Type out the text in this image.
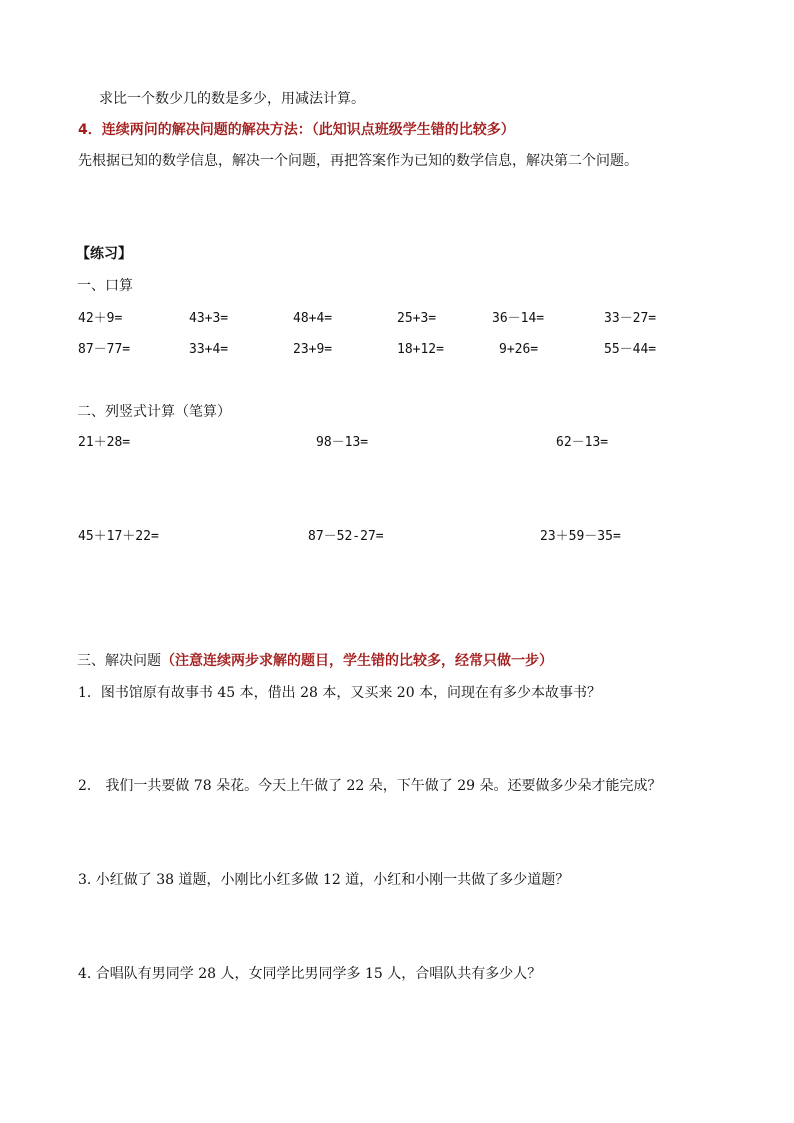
求比一个数少几的数是多少，用减法计算。
4．连续两问的解决问题的解决方法：（此知识点班级学生错的比较多）
先根据已知的数学信息，解决一个问题，再把答案作为已知的数学信息，解决第二个问题。
【练习】
一、口算
42＋9=	43+3=	48+4=	25+3=	36－14=	33－27=
87－77=	33+4=	23+9=	18+12=	9+26=	55－44=
二、列竖式计算（笔算）
21＋28=	98－13=	62－13=
45＋17＋22=	87－52-27=	23＋59－35=
三、解决问题（注意连续两步求解的题目，学生错的比较多，经常只做一步）
1．图书馆原有故事书 45 本，借出 28 本，又买来 20 本，问现在有多少本故事书？
2． 我们一共要做 78 朵花。今天上午做了 22 朵，下午做了 29 朵。还要做多少朵才能完成？
3. 小红做了 38 道题，小刚比小红多做 12 道，小红和小刚一共做了多少道题？
4. 合唱队有男同学 28 人，女同学比男同学多 15 人，合唱队共有多少人？
